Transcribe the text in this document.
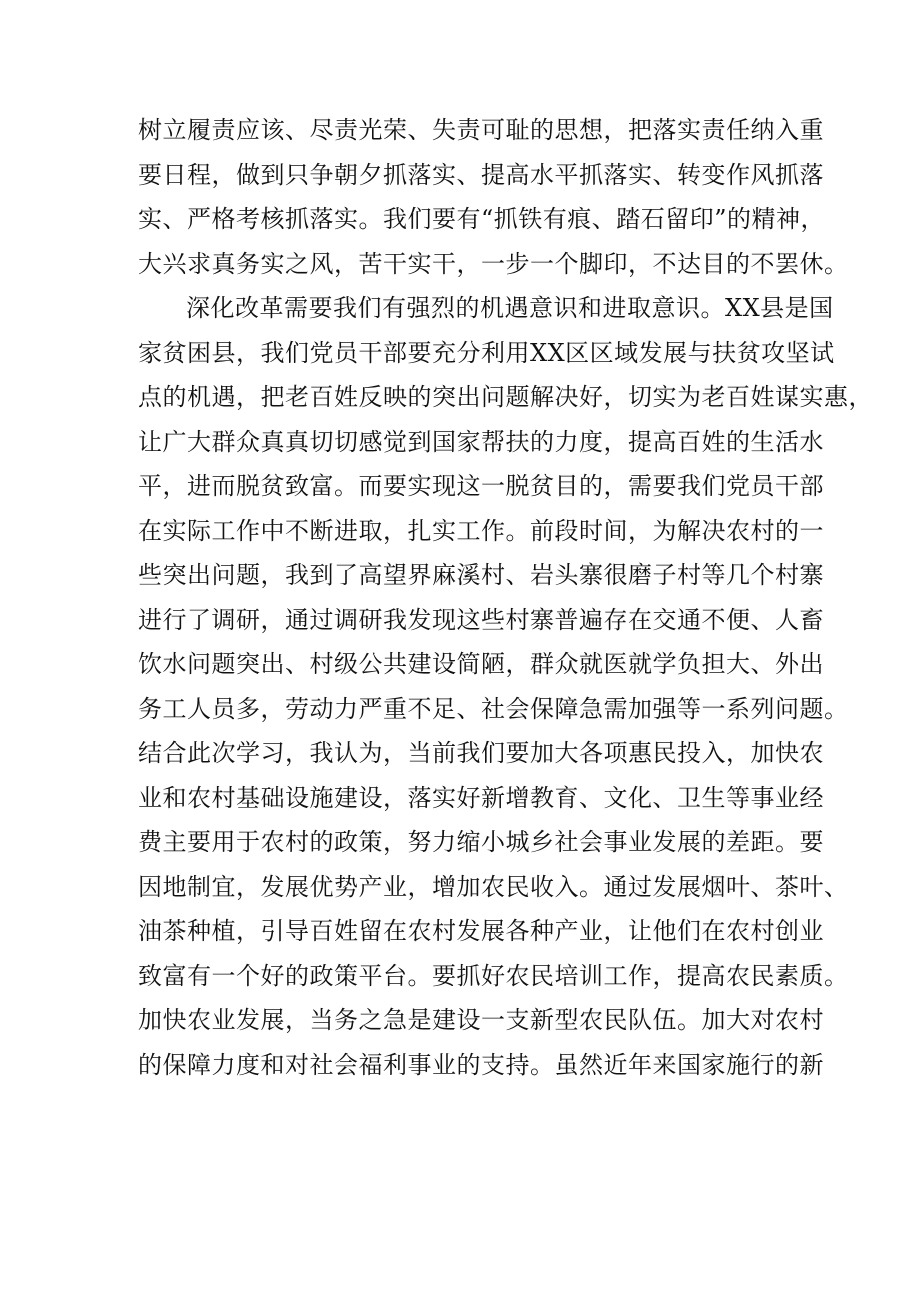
树立履责应该、尽责光荣、失责可耻的思想，把落实责任纳入重
要日程，做到只争朝夕抓落实、提高水平抓落实、转变作风抓落
实、严格考核抓落实。我们要有“抓铁有痕、踏石留印”的精神，
大兴求真务实之风，苦干实干，一步一个脚印，不达目的不罢休。
深化改革需要我们有强烈的机遇意识和进取意识。XX县是国
家贫困县，我们党员干部要充分利用XX区区域发展与扶贫攻坚试
点的机遇，把老百姓反映的突出问题解决好，切实为老百姓谋实惠，
让广大群众真真切切感觉到国家帮扶的力度，提高百姓的生活水
平，进而脱贫致富。而要实现这一脱贫目的，需要我们党员干部
在实际工作中不断进取，扎实工作。前段时间，为解决农村的一
些突出问题，我到了高望界麻溪村、岩头寨很磨子村等几个村寨
进行了调研，通过调研我发现这些村寨普遍存在交通不便、人畜
饮水问题突出、村级公共建设简陋，群众就医就学负担大、外出
务工人员多，劳动力严重不足、社会保障急需加强等一系列问题。
结合此次学习，我认为，当前我们要加大各项惠民投入，加快农
业和农村基础设施建设，落实好新增教育、文化、卫生等事业经
费主要用于农村的政策，努力缩小城乡社会事业发展的差距。要
因地制宜，发展优势产业，增加农民收入。通过发展烟叶、茶叶、
油茶种植，引导百姓留在农村发展各种产业，让他们在农村创业
致富有一个好的政策平台。要抓好农民培训工作，提高农民素质。
加快农业发展，当务之急是建设一支新型农民队伍。加大对农村
的保障力度和对社会福利事业的支持。虽然近年来国家施行的新
